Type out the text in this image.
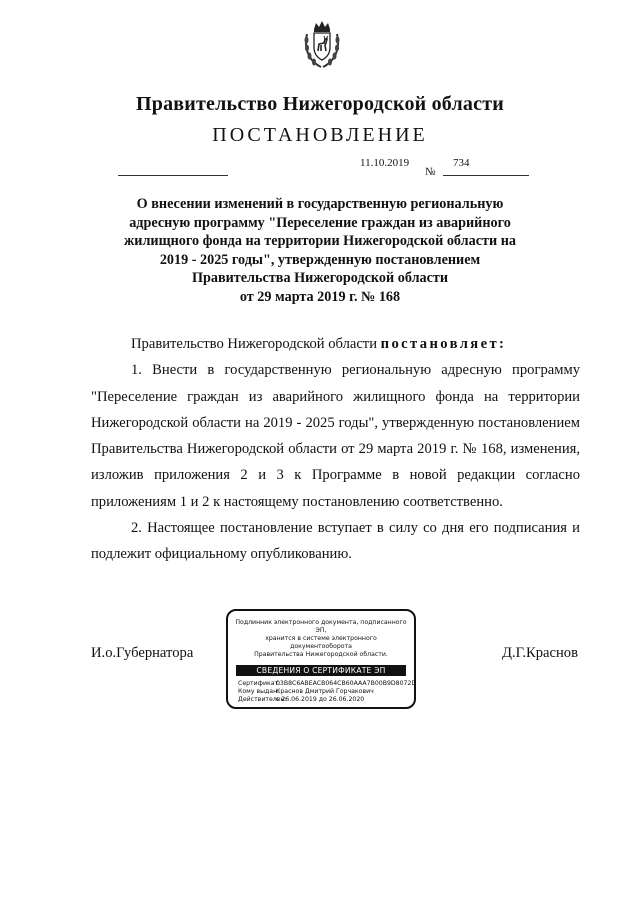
Правительство Нижегородской области
ПОСТАНОВЛЕНИЕ
11.10.2019
№
734
О внесении изменений в государственную региональную
адресную программу "Переселение граждан из аварийного
жилищного фонда на территории Нижегородской области на
2019 - 2025 годы", утвержденную постановлением
Правительства Нижегородской области
от 29 марта 2019 г. № 168

Правительство Нижегородской области постановляет:

1. Внести в государственную региональную адресную программу "Переселение граждан из аварийного жилищного фонда на территории Нижегородской области на 2019 - 2025 годы", утвержденную постановлением Правительства Нижегородской области от 29 марта 2019 г. № 168, изменения, изложив приложения 2 и 3 к Программе в новой редакции согласно приложениям 1 и 2 к настоящему постановлению соответственно.

2. Настоящее постановление вступает в силу со дня его подписания и подлежит официальному опубликованию.

И.о.Губернатора	Д.Г.Краснов
Подлинник электронного документа, подписанного ЭП,
хранится в системе электронного документооборота
Правительства Нижегородской области.
СВЕДЕНИЯ О СЕРТИФИКАТЕ ЭП
Сертификат: 03B8C6ABEACB064CB60AAA7B00B9D8072D
Кому выдан: Краснов Дмитрий Горчакович
Действителен: с 26.06.2019 до 26.06.2020
